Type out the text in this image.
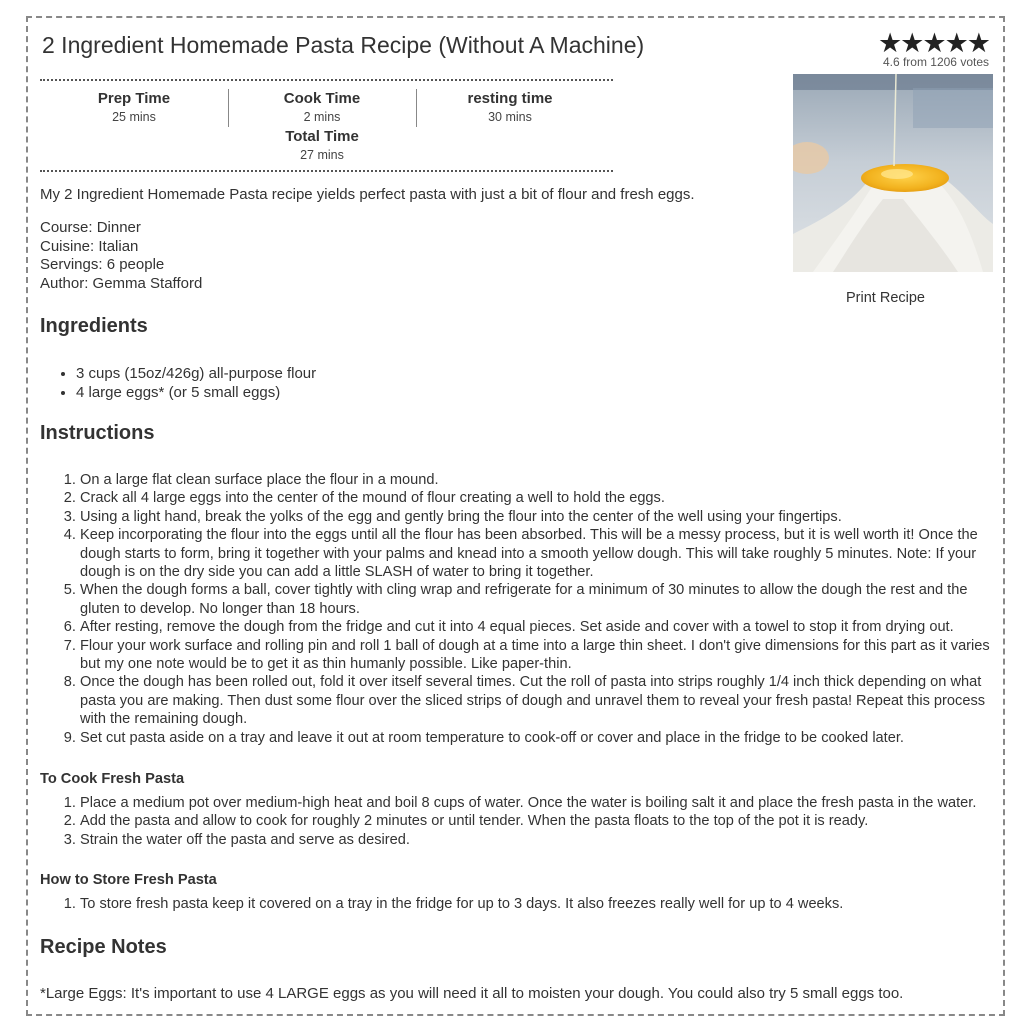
2 Ingredient Homemade Pasta Recipe (Without A Machine)	★★★★★
4.6 from 1206 votes
Prep Time
25 mins
Cook Time
2 mins
resting time
30 mins
Total Time
27 mins
Print Recipe

My 2 Ingredient Homemade Pasta recipe yields perfect pasta with just a bit of flour and fresh eggs.

Course: Dinner
Cuisine: Italian
Servings: 6 people
Author: Gemma Stafford
Ingredients
• 3 cups (15oz/426g) all-purpose flour
• 4 large eggs* (or 5 small eggs)
Instructions
1. On a large flat clean surface place the flour in a mound.
2. Crack all 4 large eggs into the center of the mound of flour creating a well to hold the eggs.
3. Using a light hand, break the yolks of the egg and gently bring the flour into the center of the well using your fingertips.
4. Keep incorporating the flour into the eggs until all the flour has been absorbed. This will be a messy process, but it is well worth it! Once the dough starts to form, bring it together with your palms and knead into a smooth yellow dough. This will take roughly 5 minutes. Note: If your dough is on the dry side you can add a little SLASH of water to bring it together.
5. When the dough forms a ball, cover tightly with cling wrap and refrigerate for a minimum of 30 minutes to allow the dough the rest and the gluten to develop. No longer than 18 hours.
6. After resting, remove the dough from the fridge and cut it into 4 equal pieces. Set aside and cover with a towel to stop it from drying out.
7. Flour your work surface and rolling pin and roll 1 ball of dough at a time into a large thin sheet. I don't give dimensions for this part as it varies but my one note would be to get it as thin humanly possible. Like paper-thin.
8. Once the dough has been rolled out, fold it over itself several times. Cut the roll of pasta into strips roughly 1/4 inch thick depending on what pasta you are making. Then dust some flour over the sliced strips of dough and unravel them to reveal your fresh pasta! Repeat this process with the remaining dough.
9. Set cut pasta aside on a tray and leave it out at room temperature to cook-off or cover and place in the fridge to be cooked later.
To Cook Fresh Pasta
1. Place a medium pot over medium-high heat and boil 8 cups of water. Once the water is boiling salt it and place the fresh pasta in the water.
2. Add the pasta and allow to cook for roughly 2 minutes or until tender. When the pasta floats to the top of the pot it is ready.
3. Strain the water off the pasta and serve as desired.
How to Store Fresh Pasta
1. To store fresh pasta keep it covered on a tray in the fridge for up to 3 days. It also freezes really well for up to 4 weeks.
Recipe Notes

*Large Eggs: It's important to use 4 LARGE eggs as you will need it all to moisten your dough. You could also try 5 small eggs too.
